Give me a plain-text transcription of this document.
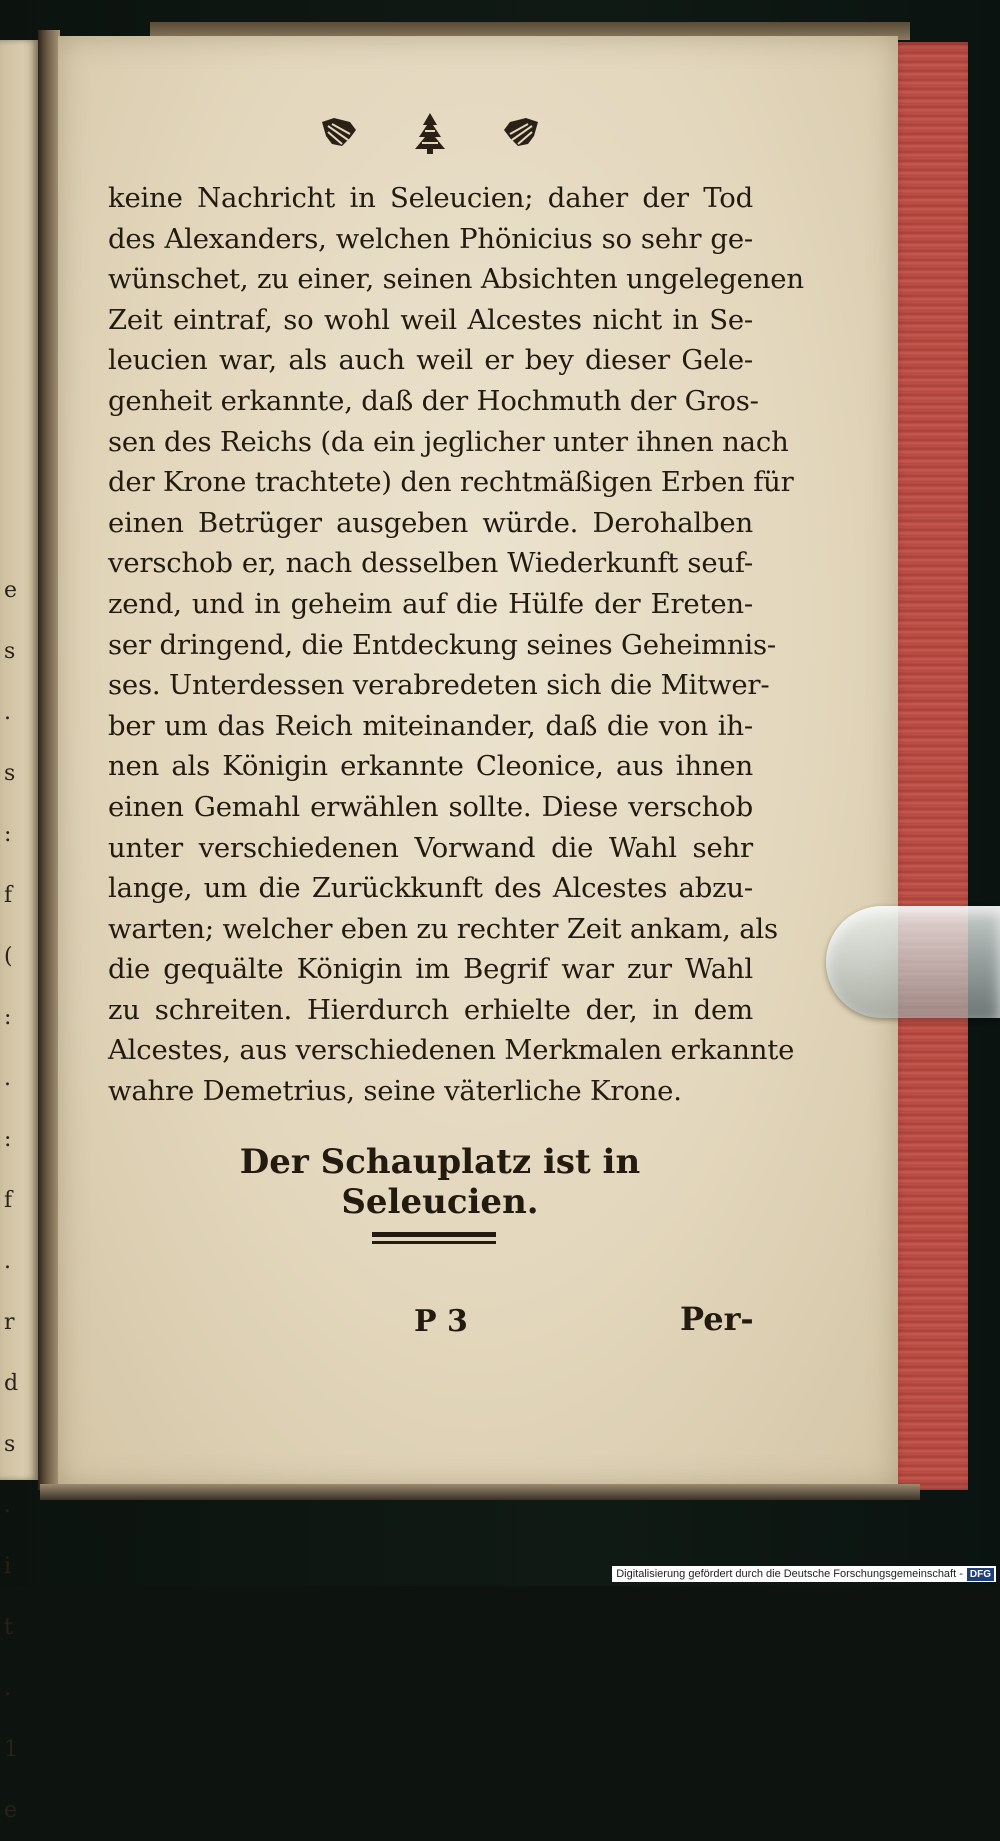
e
s
.
s
:
f
(
:
.
:
f
.
r
d
s
.
i
t
.
1
e
keine Nachricht in Seleucien; daher der Tod
des Alexanders, welchen Phönicius so sehr ge-
wünschet, zu einer, seinen Absichten ungelegenen
Zeit eintraf, so wohl weil Alcestes nicht in Se-
leucien war, als auch weil er bey dieser Gele-
genheit erkannte, daß der Hochmuth der Gros-
sen des Reichs (da ein jeglicher unter ihnen nach
der Krone trachtete) den rechtmäßigen Erben für
einen Betrüger ausgeben würde. Derohalben
verschob er, nach desselben Wiederkunft seuf-
zend, und in geheim auf die Hülfe der Ereten-
ser dringend, die Entdeckung seines Geheimnis-
ses. Unterdessen verabredeten sich die Mitwer-
ber um das Reich miteinander, daß die von ih-
nen als Königin erkannte Cleonice, aus ihnen
einen Gemahl erwählen sollte. Diese verschob
unter verschiedenen Vorwand die Wahl sehr
lange, um die Zurückkunft des Alcestes abzu-
warten; welcher eben zu rechter Zeit ankam, als
die gequälte Königin im Begrif war zur Wahl
zu schreiten. Hierdurch erhielte der, in dem
Alcestes, aus verschiedenen Merkmalen erkannte
wahre Demetrius, seine väterliche Krone.
Der Schauplatz ist in Seleucien.
P 3	Per-
Digitalisierung gefördert durch die Deutsche Forschungsgemeinschaft - DFG
